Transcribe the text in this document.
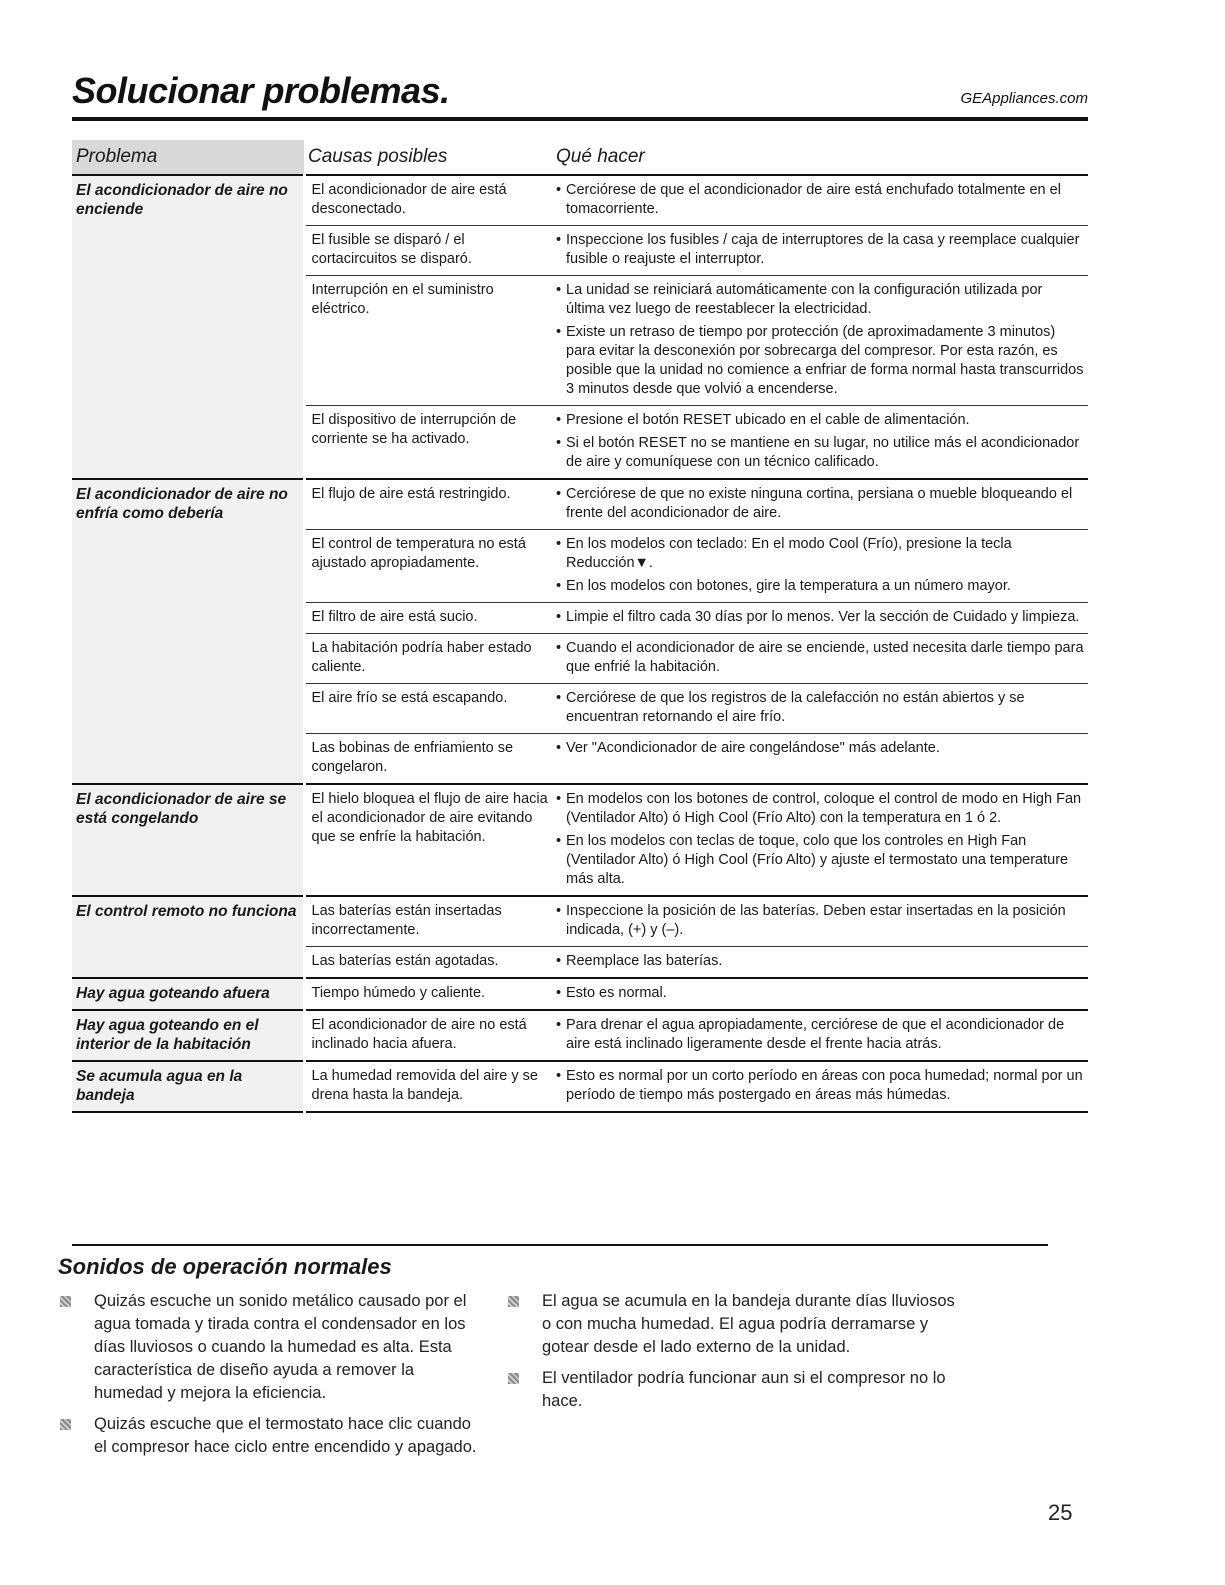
Solucionar problemas.	GEAppliances.com
Problema	Causas posibles	Qué hacer
El acondicionador de aire no enciende	El acondicionador de aire está desconectado.	• Cerciórese de que el acondicionador de aire está enchufado totalmente en el tomacorriente.

	El fusible se disparó / el cortacircuitos se disparó.	• Inspeccione los fusibles / caja de interruptores de la casa y reemplace cualquier fusible o reajuste el interruptor.

	Interrupción en el suministro eléctrico.	• La unidad se reiniciará automáticamente con la configuración utilizada por última vez luego de reestablecer la electricidad.

• Existe un retraso de tiempo por protección (de aproximadamente 3 minutos) para evitar la desconexión por sobrecarga del compresor. Por esta razón, es posible que la unidad no comience a enfriar de forma normal hasta transcurridos 3 minutos desde que volvió a encenderse.

	El dispositivo de interrupción de corriente se ha activado.	• Presione el botón RESET ubicado en el cable de alimentación.

• Si el botón RESET no se mantiene en su lugar, no utilice más el acondicionador de aire y comuníquese con un técnico calificado.

El acondicionador de aire no enfría como debería	El flujo de aire está restringido.	• Cerciórese de que no existe ninguna cortina, persiana o mueble bloqueando el frente del acondicionador de aire.

	El control de temperatura no está ajustado apropiadamente.	• En los modelos con teclado: En el modo Cool (Frío), presione la tecla Reducción▼.

• En los modelos con botones, gire la temperatura a un número mayor.

	El filtro de aire está sucio.	• Limpie el filtro cada 30 días por lo menos. Ver la sección de Cuidado y limpieza.

	La habitación podría haber estado caliente.	• Cuando el acondicionador de aire se enciende, usted necesita darle tiempo para que enfrié la habitación.

	El aire frío se está escapando.	• Cerciórese de que los registros de la calefacción no están abiertos y se encuentran retornando el aire frío.

	Las bobinas de enfriamiento se congelaron.	• Ver "Acondicionador de aire congelándose" más adelante.

El acondicionador de aire se está congelando	El hielo bloquea el flujo de aire hacia el acondicionador de aire evitando que se enfríe la habitación.	• En modelos con los botones de control, coloque el control de modo en High Fan (Ventilador Alto) ó High Cool (Frío Alto) con la temperatura en 1 ó 2.

• En los modelos con teclas de toque, colo que los controles en High Fan (Ventilador Alto) ó High Cool (Frío Alto) y ajuste el termostato una temperature más alta.

El control remoto no funciona	Las baterías están insertadas incorrectamente.	• Inspeccione la posición de las baterías. Deben estar insertadas en la posición indicada, (+) y (–).

	Las baterías están agotadas.	• Reemplace las baterías.

Hay agua goteando afuera	Tiempo húmedo y caliente.	• Esto es normal.

Hay agua goteando en el interior de la habitación	El acondicionador de aire no está inclinado hacia afuera.	• Para drenar el agua apropiadamente, cerciórese de que el acondicionador de aire está inclinado ligeramente desde el frente hacia atrás.

Se acumula agua en la bandeja	La humedad removida del aire y se drena hasta la bandeja.	• Esto es normal por un corto período en áreas con poca humedad; normal por un período de tiempo más postergado en áreas más húmedas.

Sonidos de operación normales
Quizás escuche un sonido metálico causado por el agua tomada y tirada contra el condensador en los días lluviosos o cuando la humedad es alta. Esta característica de diseño ayuda a remover la humedad y mejora la eficiencia.
Quizás escuche que el termostato hace clic cuando el compresor hace ciclo entre encendido y apagado.
El agua se acumula en la bandeja durante días lluviosos o con mucha humedad. El agua podría derramarse y gotear desde el lado externo de la unidad.
El ventilador podría funcionar aun si el compresor no lo hace.
25
